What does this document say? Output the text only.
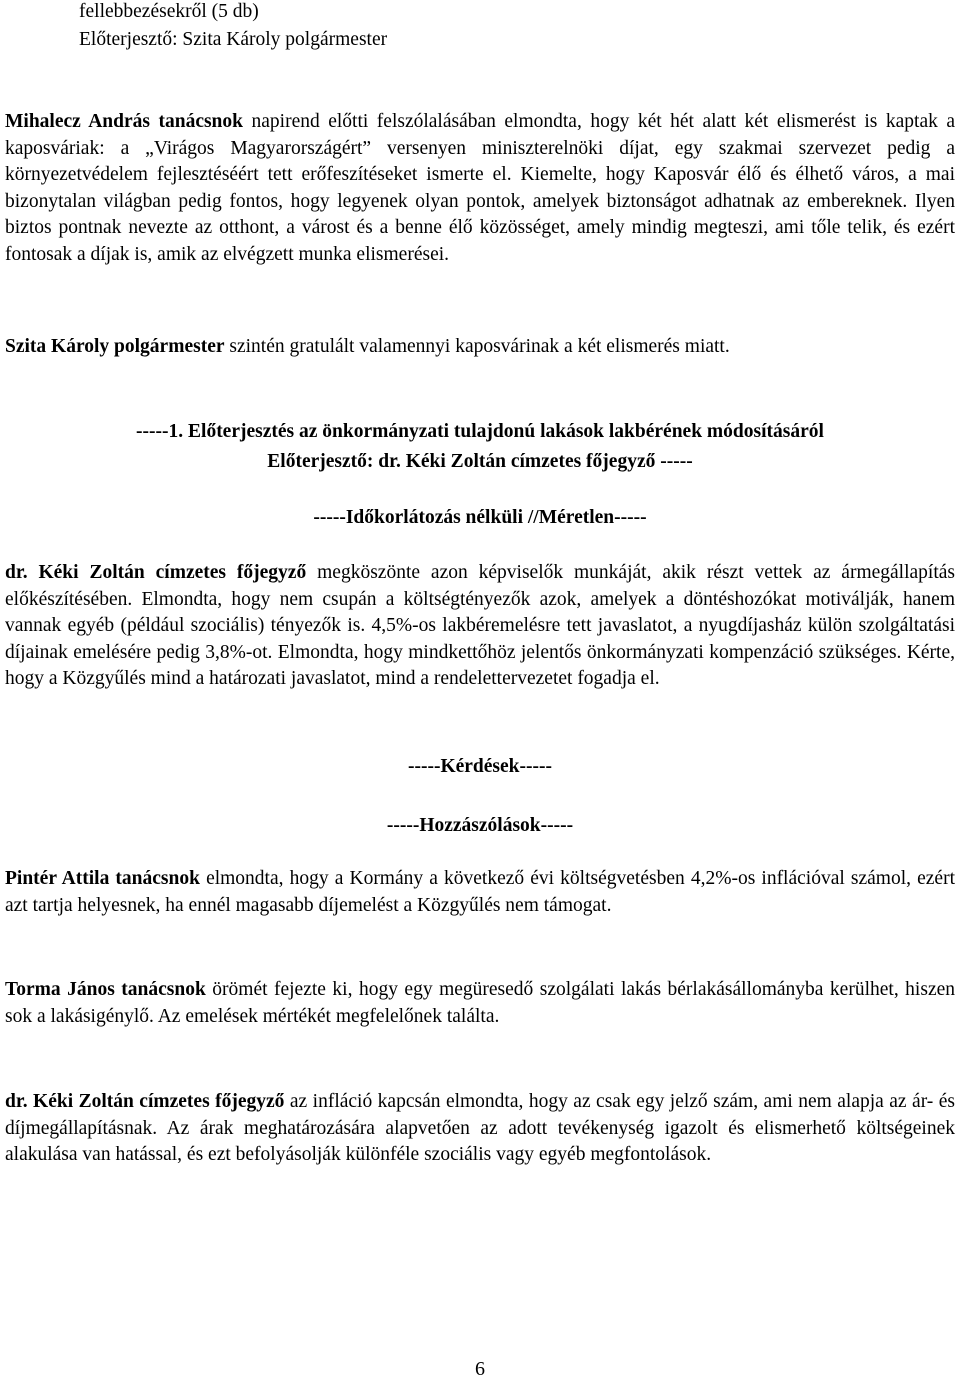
fellebbezésekről (5 db)
Előterjesztő: Szita Károly polgármester
Mihalecz András tanácsnok napirend előtti felszólalásában elmondta, hogy két hét alatt két elismerést is kaptak a kaposváriak: a „Virágos Magyarországért” versenyen miniszterelnöki díjat, egy szakmai szervezet pedig a környezetvédelem fejlesztéséért tett erőfeszítéseket ismerte el. Kiemelte, hogy Kaposvár élő és élhető város, a mai bizonytalan világban pedig fontos, hogy legyenek olyan pontok, amelyek biztonságot adhatnak az embereknek. Ilyen biztos pontnak nevezte az otthont, a várost és a benne élő közösséget, amely mindig megteszi, ami tőle telik, és ezért fontosak a díjak is, amik az elvégzett munka elismerései.
Szita Károly polgármester szintén gratulált valamennyi kaposvárinak a két elismerés miatt.
-----1. Előterjesztés az önkormányzati tulajdonú lakások lakbérének módosításáról
Előterjesztő: dr. Kéki Zoltán címzetes főjegyző -----
-----Időkorlátozás nélküli //Méretlen-----
dr. Kéki Zoltán címzetes főjegyző megköszönte azon képviselők munkáját, akik részt vettek az ármegállapítás előkészítésében. Elmondta, hogy nem csupán a költségtényezők azok, amelyek a döntéshozókat motiválják, hanem vannak egyéb (például szociális) tényezők is. 4,5%-os lakbéremelésre tett javaslatot, a nyugdíjasház külön szolgáltatási díjainak emelésére pedig 3,8%-ot. Elmondta, hogy mindkettőhöz jelentős önkormányzati kompenzáció szükséges. Kérte, hogy a Közgyűlés mind a határozati javaslatot, mind a rendelettervezetet fogadja el.
-----Kérdések-----
-----Hozzászólások-----
Pintér Attila tanácsnok elmondta, hogy a Kormány a következő évi költségvetésben 4,2%-os inflációval számol, ezért azt tartja helyesnek, ha ennél magasabb díjemelést a Közgyűlés nem támogat.
Torma János tanácsnok örömét fejezte ki, hogy egy megüresedő szolgálati lakás bérlakásállományba kerülhet, hiszen sok a lakásigénylő. Az emelések mértékét megfelelőnek találta.
dr. Kéki Zoltán címzetes főjegyző az infláció kapcsán elmondta, hogy az csak egy jelző szám, ami nem alapja az ár- és díjmegállapításnak. Az árak meghatározására alapvetően az adott tevékenység igazolt és elismerhető költségeinek alakulása van hatással, és ezt befolyásolják különféle szociális vagy egyéb megfontolások.
6
